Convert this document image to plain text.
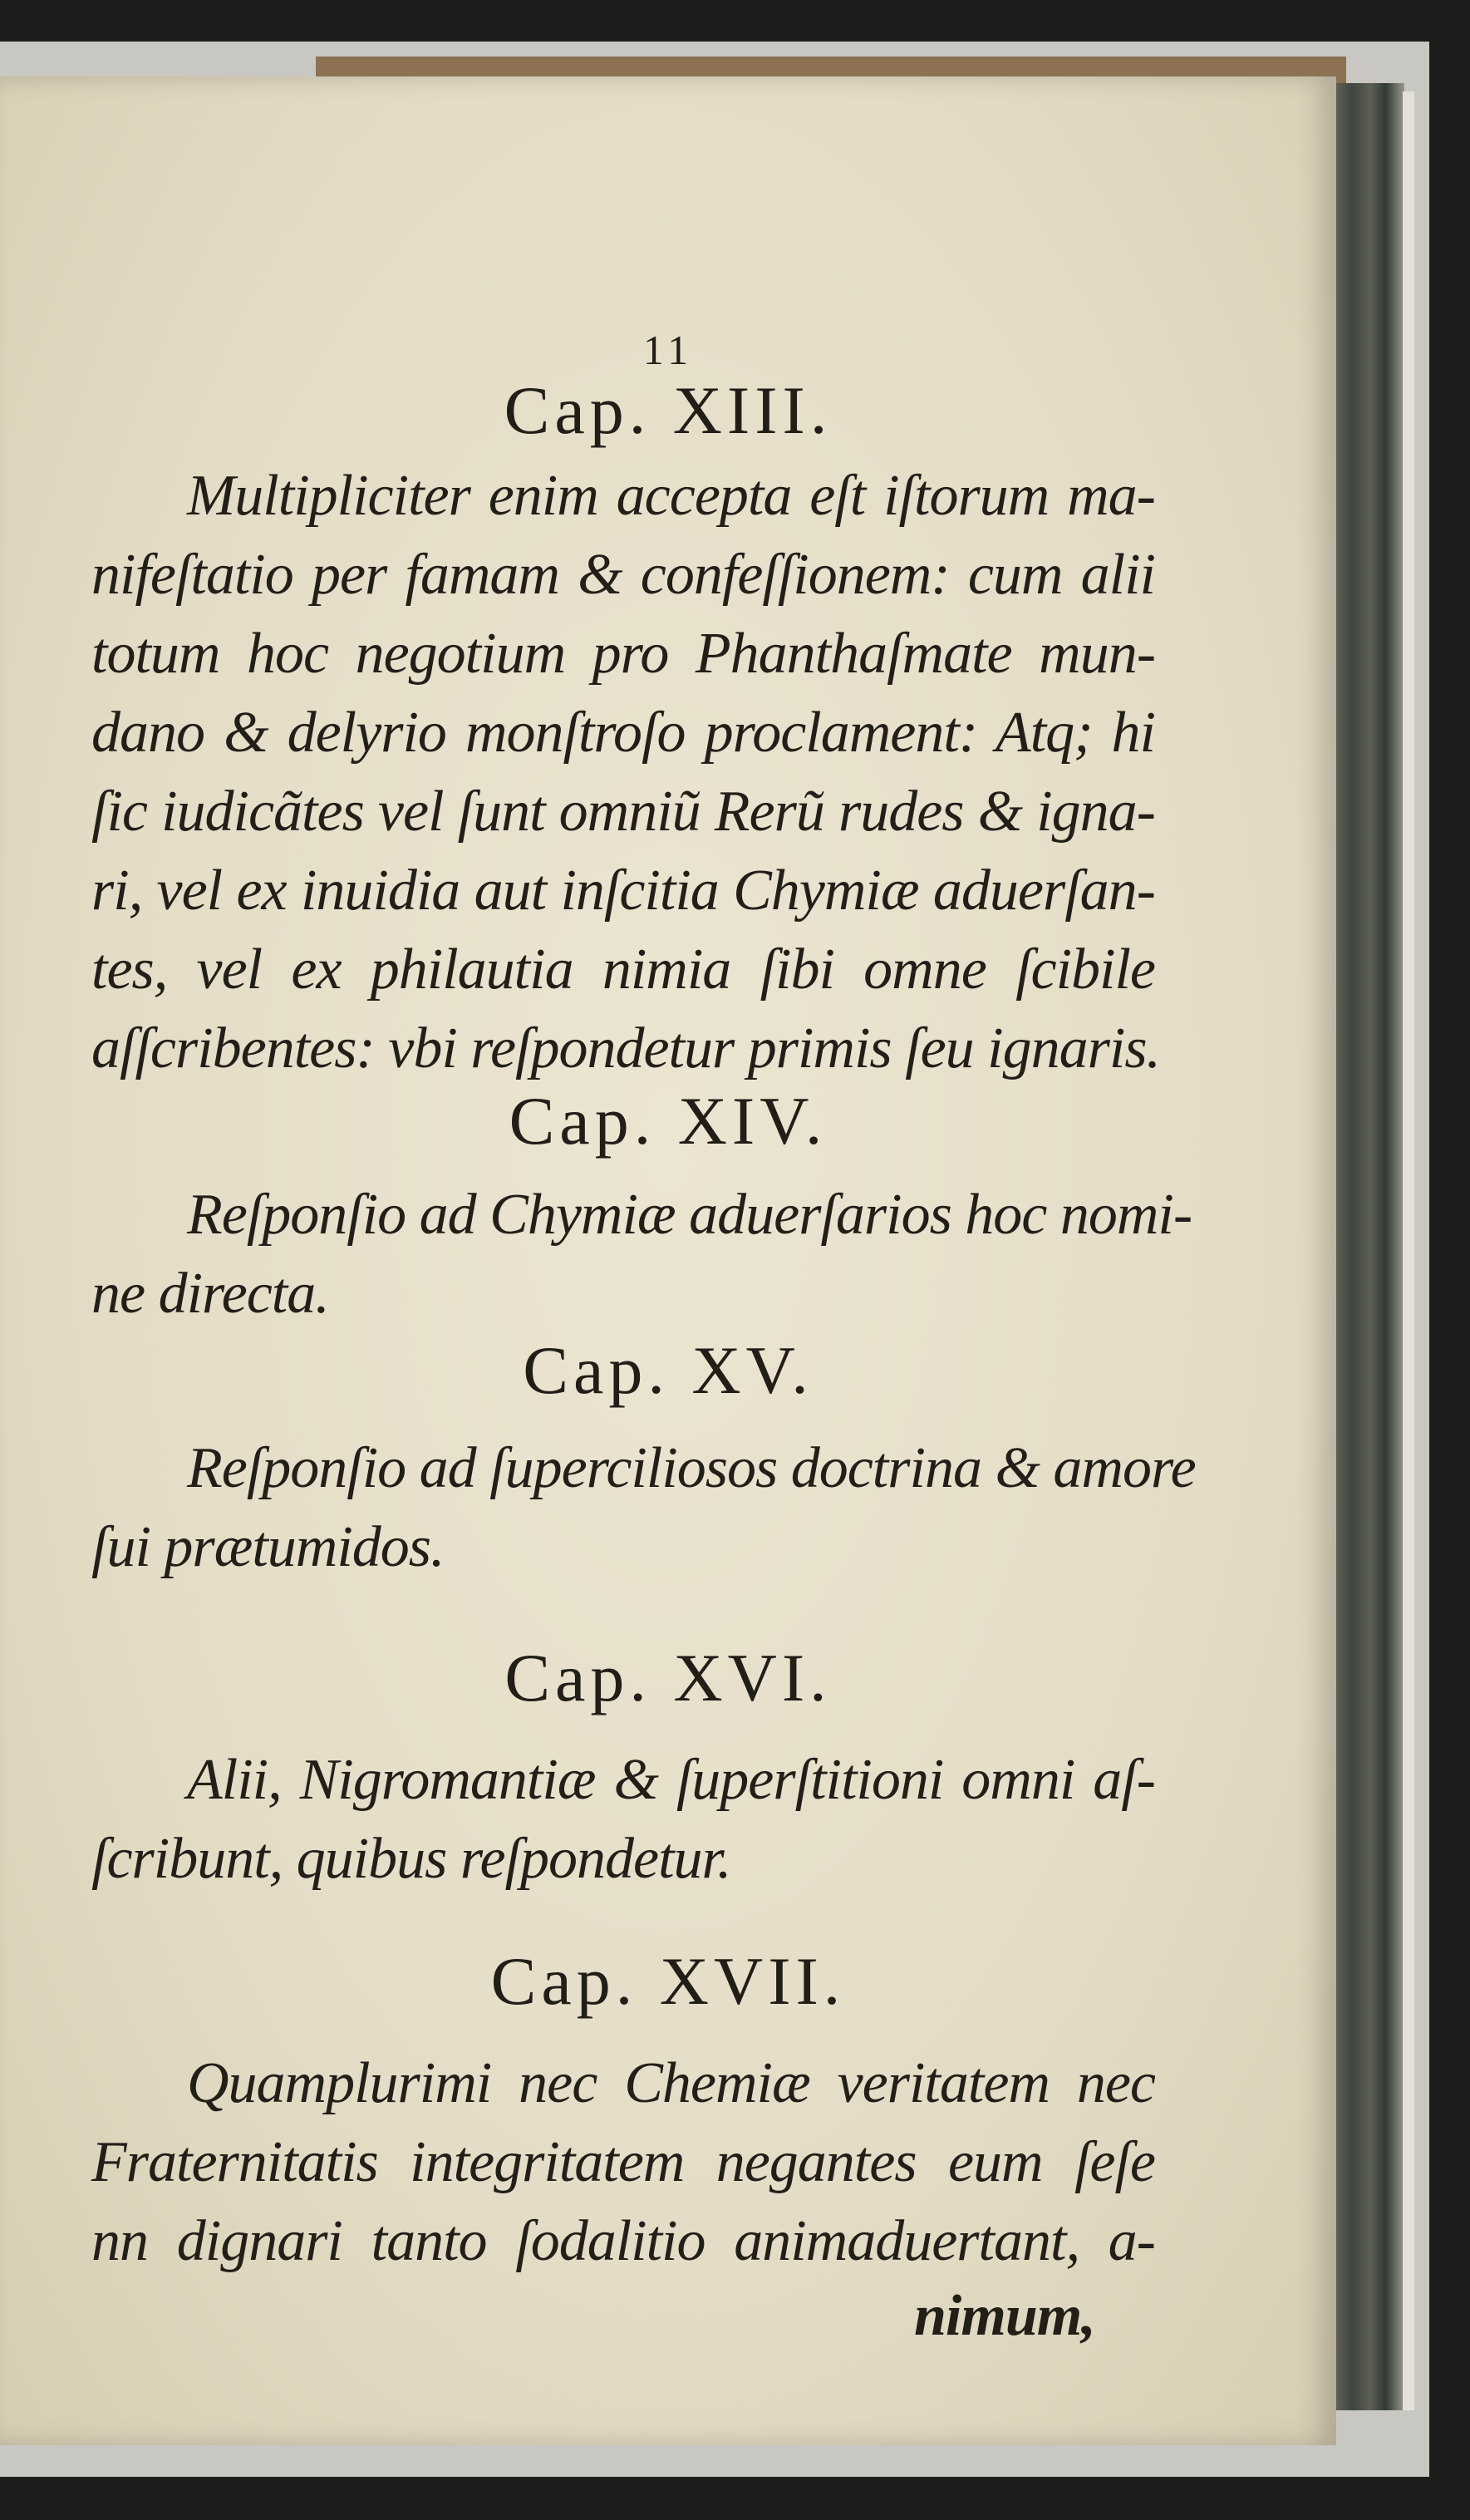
11
Cap. XIII.
Multipliciter enim accepta eſt iſtorum ma-
nifeſtatio per famam & confeſſionem: cum alii
totum hoc negotium pro Phanthaſmate mun-
dano & delyrio monſtroſo proclament: Atq; hi
ſic iudicãtes vel ſunt omniũ Rerũ rudes & igna-
ri, vel ex inuidia aut inſcitia Chymiæ aduerſan-
tes, vel ex philautia nimia ſibi omne ſcibile
aſſcribentes: vbi reſpondetur primis ſeu ignaris.
Cap. XIV.
Reſponſio ad Chymiæ aduerſarios hoc nomi-
ne directa.
Cap. XV.
Reſponſio ad ſuperciliosos doctrina & amore
ſui prætumidos.
Cap. XVI.
Alii, Nigromantiæ & ſuperſtitioni omni aſ-
ſcribunt, quibus reſpondetur.
Cap. XVII.
Quamplurimi nec Chemiæ veritatem nec
Fraternitatis integritatem negantes eum ſeſe
nn dignari tanto ſodalitio animaduertant, a-
nimum,
